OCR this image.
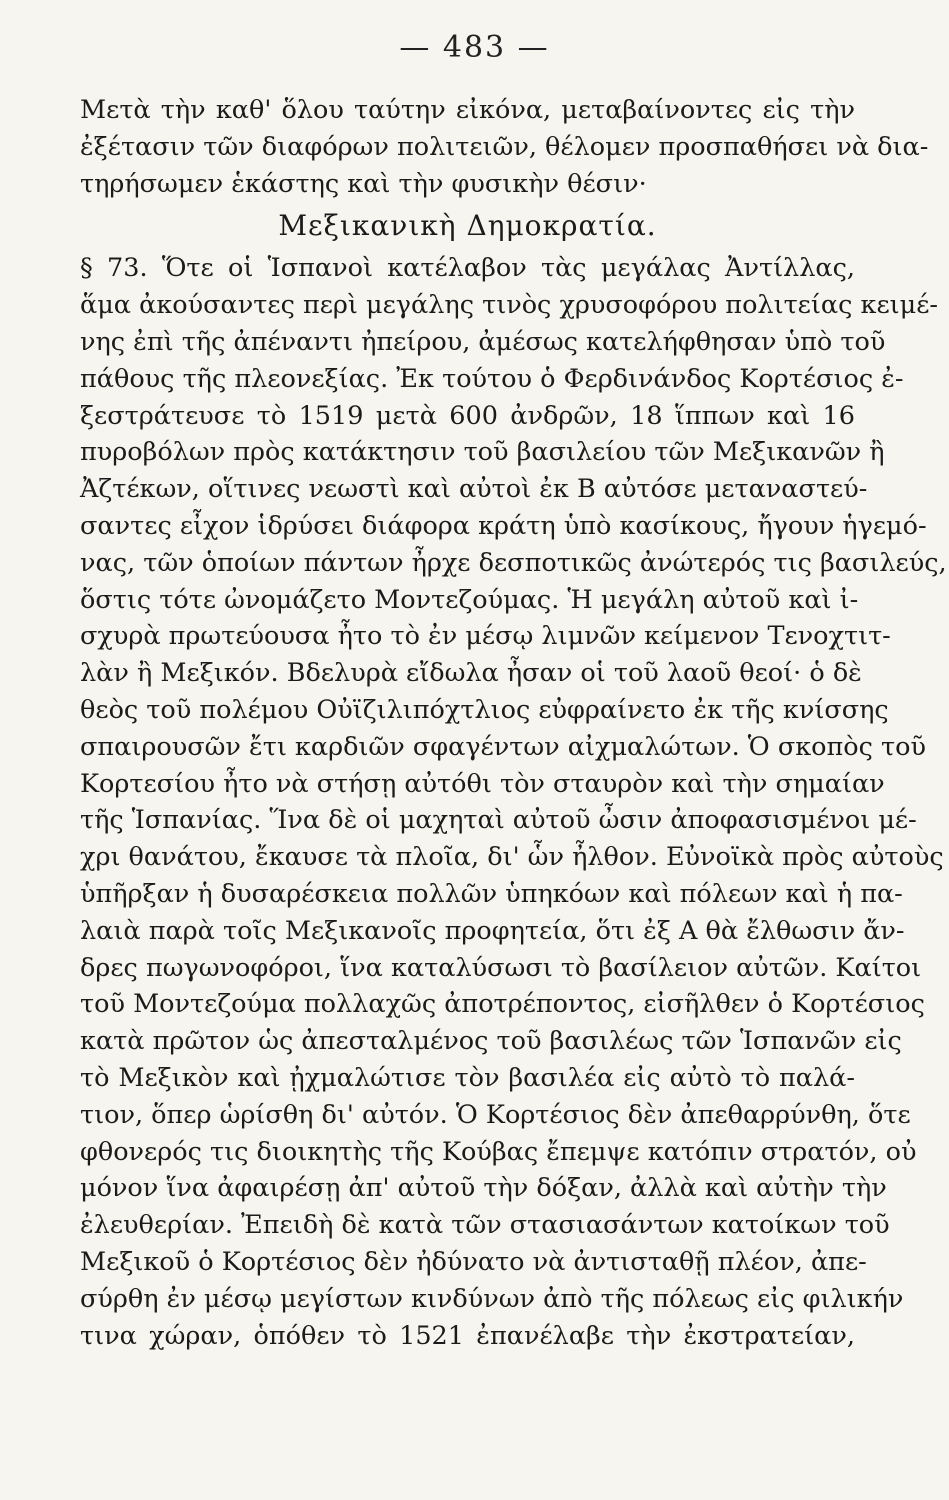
— 483 —
Μετὰ τὴν καθ' ὅλου ταύτην εἰκόνα, μεταβαίνοντες εἰς τὴν
ἐξέτασιν τῶν διαφόρων πολιτειῶν, θέλομεν προσπαθήσει νὰ δια-
τηρήσωμεν ἑκάστης καὶ τὴν φυσικὴν θέσιν·
Μεξικανικὴ Δημοκρατία.
§ 73. Ὅτε οἱ Ἱσπανοὶ κατέλαβον τὰς μεγάλας Ἀντίλλας,
ἅμα ἀκούσαντες περὶ μεγάλης τινὸς χρυσοφόρου πολιτείας κειμέ-
νης ἐπὶ τῆς ἀπέναντι ἠπείρου, ἀμέσως κατελήφθησαν ὑπὸ τοῦ
πάθους τῆς πλεονεξίας. Ἐκ τούτου ὁ Φερδινάνδος Κορτέσιος ἐ-
ξεστράτευσε τὸ 1519 μετὰ 600 ἀνδρῶν, 18 ἵππων καὶ 16
πυροβόλων πρὸς κατάκτησιν τοῦ βασιλείου τῶν Μεξικανῶν ἢ
Ἀζτέκων, οἵτινες νεωστὶ καὶ αὐτοὶ ἐκ Β αὐτόσε μεταναστεύ-
σαντες εἶχον ἱδρύσει διάφορα κράτη ὑπὸ κασίκους, ἤγουν ἡγεμό-
νας, τῶν ὁποίων πάντων ἦρχε δεσποτικῶς ἀνώτερός τις βασιλεύς,
ὅστις τότε ὠνομάζετο Μοντεζούμας. Ἡ μεγάλη αὐτοῦ καὶ ἰ-
σχυρὰ πρωτεύουσα ἦτο τὸ ἐν μέσῳ λιμνῶν κείμενον Τενοχτιτ-
λὰν ἢ Μεξικόν. Βδελυρὰ εἴδωλα ἦσαν οἱ τοῦ λαοῦ θεοί· ὁ δὲ
θεὸς τοῦ πολέμου Οὐϊζιλιπόχτλιος εὐφραίνετο ἐκ τῆς κνίσσης
σπαιρουσῶν ἔτι καρδιῶν σφαγέντων αἰχμαλώτων. Ὁ σκοπὸς τοῦ
Κορτεσίου ἦτο νὰ στήσῃ αὐτόθι τὸν σταυρὸν καὶ τὴν σημαίαν
τῆς Ἱσπανίας. Ἵνα δὲ οἱ μαχηταὶ αὐτοῦ ὦσιν ἀποφασισμένοι μέ-
χρι θανάτου, ἔκαυσε τὰ πλοῖα, δι' ὧν ἦλθον. Εὐνοϊκὰ πρὸς αὐτοὺς
ὑπῆρξαν ἡ δυσαρέσκεια πολλῶν ὑπηκόων καὶ πόλεων καὶ ἡ πα-
λαιὰ παρὰ τοῖς Μεξικανοῖς προφητεία, ὅτι ἐξ Α θὰ ἔλθωσιν ἄν-
δρες πωγωνοφόροι, ἵνα καταλύσωσι τὸ βασίλειον αὐτῶν. Καίτοι
τοῦ Μοντεζούμα πολλαχῶς ἀποτρέποντος, εἰσῆλθεν ὁ Κορτέσιος
κατὰ πρῶτον ὡς ἀπεσταλμένος τοῦ βασιλέως τῶν Ἱσπανῶν εἰς
τὸ Μεξικὸν καὶ ᾐχμαλώτισε τὸν βασιλέα εἰς αὐτὸ τὸ παλά-
τιον, ὅπερ ὡρίσθη δι' αὐτόν. Ὁ Κορτέσιος δὲν ἀπεθαρρύνθη, ὅτε
φθονερός τις διοικητὴς τῆς Κούβας ἔπεμψε κατόπιν στρατόν, οὐ
μόνον ἵνα ἀφαιρέσῃ ἀπ' αὐτοῦ τὴν δόξαν, ἀλλὰ καὶ αὐτὴν τὴν
ἐλευθερίαν. Ἐπειδὴ δὲ κατὰ τῶν στασιασάντων κατοίκων τοῦ
Μεξικοῦ ὁ Κορτέσιος δὲν ἠδύνατο νὰ ἀντισταθῇ πλέον, ἀπε-
σύρθη ἐν μέσῳ μεγίστων κινδύνων ἀπὸ τῆς πόλεως εἰς φιλικήν
τινα χώραν, ὁπόθεν τὸ 1521 ἐπανέλαβε τὴν ἐκστρατείαν,
